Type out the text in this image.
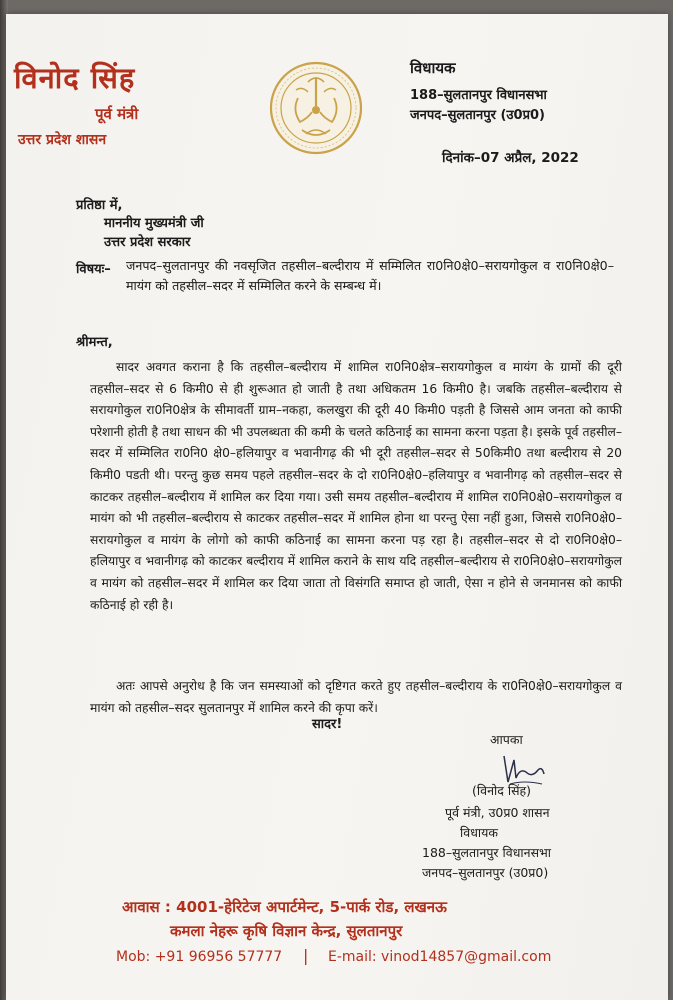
विनोद सिंह
पूर्व मंत्री
उत्तर प्रदेश शासन
विधायक
188–सुलतानपुर विधानसभा
जनपद–सुलतानपुर (उ0प्र0)
दिनांक–07 अप्रैल, 2022
प्रतिष्ठा में,
माननीय मुख्यमंत्री जी
उत्तर प्रदेश सरकार
विषयः– जनपद–सुलतानपुर की नवसृजित तहसील–बल्दीराय में सम्मिलित रा0नि0क्षे0–सरायगोकुल व रा0नि0क्षे0–मायंग को तहसील–सदर में सम्मिलित करने के सम्बन्ध में।
श्रीमन्त,
सादर अवगत कराना है कि तहसील–बल्दीराय में शामिल रा0नि0क्षेत्र–सरायगोकुल व मायंग के ग्रामों की दूरी तहसील–सदर से 6 किमी0 से ही शुरूआत हो जाती है तथा अधिकतम 16 किमी0 है। जबकि तहसील–बल्दीराय से सरायगोकुल रा0नि0क्षेत्र के सीमावर्ती ग्राम–नकहा, कलखुरा की दूरी 40 किमी0 पड़ती है जिससे आम जनता को काफी परेशानी होती है तथा साधन की भी उपलब्धता की कमी के चलते कठिनाई का सामना करना पड़ता है। इसके पूर्व तहसील–सदर में सम्मिलित रा0नि0 क्षे0–हलियापुर व भवानीगढ़ की भी दूरी तहसील–सदर से 50किमी0 तथा बल्दीराय से 20 किमी0 पडती थी। परन्तु कुछ समय पहले तहसील–सदर के दो रा0नि0क्षे0–हलियापुर व भवानीगढ़ को तहसील–सदर से काटकर तहसील–बल्दीराय में शामिल कर दिया गया। उसी समय तहसील–बल्दीराय में शामिल रा0नि0क्षे0–सरायगोकुल व मायंग को भी तहसील–बल्दीराय से काटकर तहसील–सदर में शामिल होना था परन्तु ऐसा नहीं हुआ, जिससे रा0नि0क्षे0–सरायगोकुल व मायंग के लोगो को काफी कठिनाई का सामना करना पड़ रहा है। तहसील–सदर से दो रा0नि0क्षे0–हलियापुर व भवानीगढ़ को काटकर बल्दीराय में शामिल कराने के साथ यदि तहसील–बल्दीराय से रा0नि0क्षे0–सरायगोकुल व मायंग को तहसील–सदर में शामिल कर दिया जाता तो विसंगति समाप्त हो जाती, ऐसा न होने से जनमानस को काफी कठिनाई हो रही है।
अतः आपसे अनुरोध है कि जन समस्याओं को दृष्टिगत करते हुए तहसील–बल्दीराय के रा0नि0क्षे0–सरायगोकुल व मायंग को तहसील–सदर सुलतानपुर में शामिल करने की कृपा करें।
सादर!
आपका
(विनोद सिंह)
पूर्व मंत्री, उ0प्र0 शासन
विधायक
188–सुलतानपुर विधानसभा
जनपद–सुलतानपुर (उ0प्र0)
आवास : 4001-हेरिटेज अपार्टमेन्ट, 5-पार्क रोड, लखनऊ
कमला नेहरू कृषि विज्ञान केन्द्र, सुलतानपुर
Mob: +91 96956 57777 | E-mail: vinod14857@gmail.com
